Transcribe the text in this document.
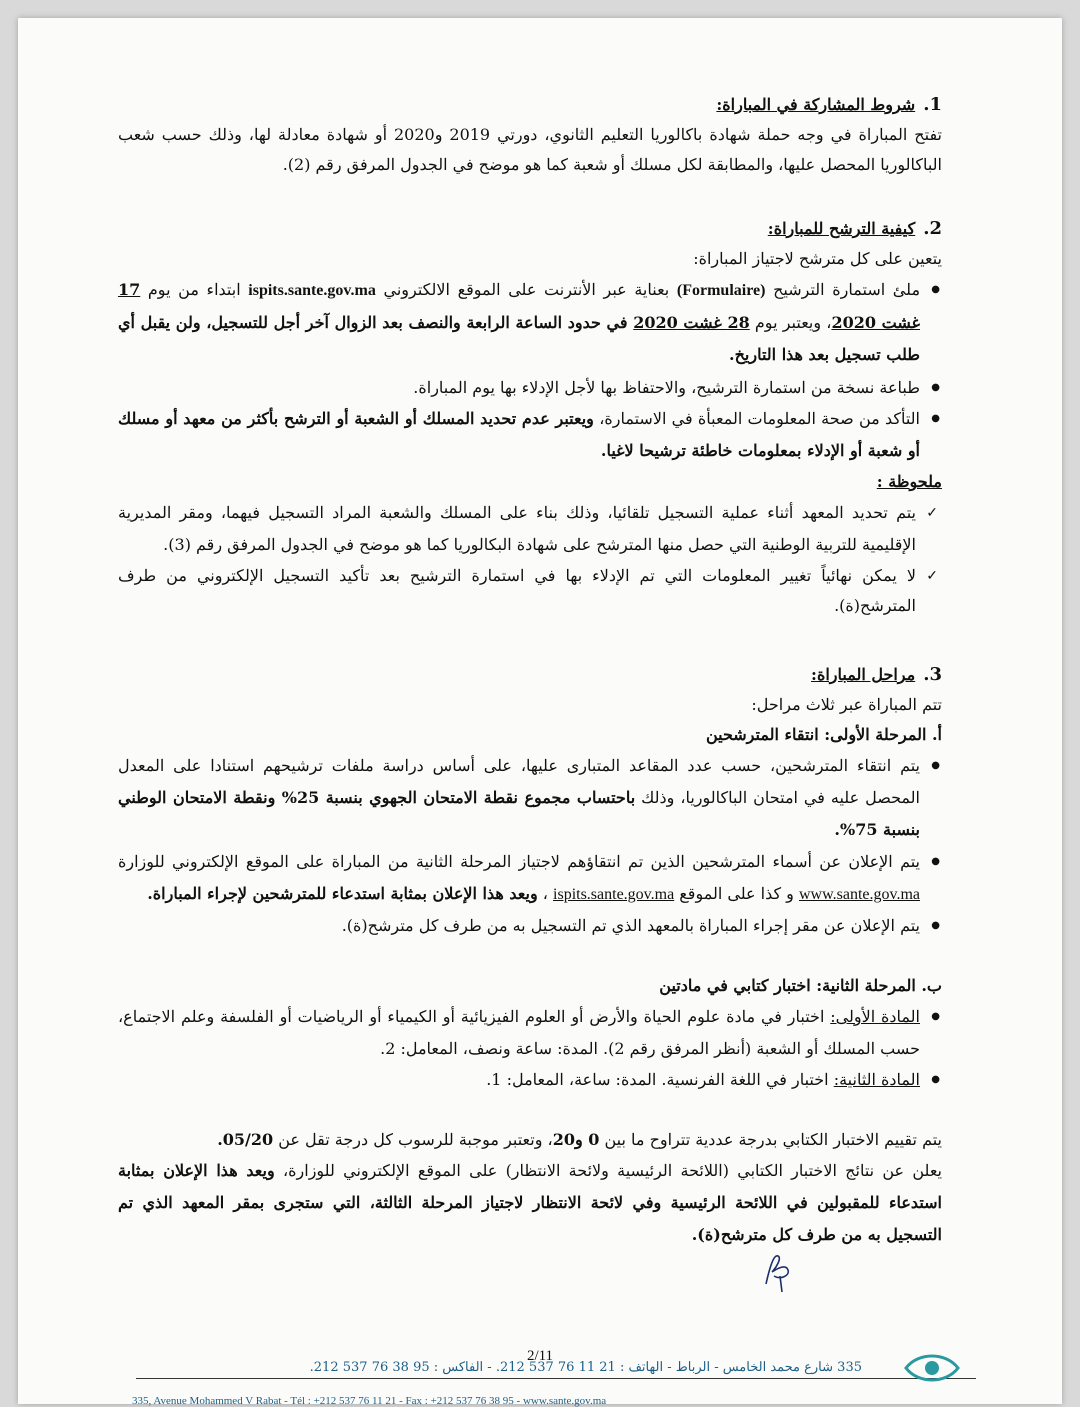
1.شروط المشاركة في المباراة:
تفتح المباراة في وجه حملة شهادة باكالوريا التعليم الثانوي، دورتي 2019 و2020 أو شهادة معادلة لها، وذلك حسب شعب الباكالوريا المحصل عليها، والمطابقة لكل مسلك أو شعبة كما هو موضح في الجدول المرفق رقم (2).
2.كيفية الترشح للمباراة:
يتعين على كل مترشح لاجتياز المباراة:
● ملئ استمارة الترشيح (Formulaire) بعناية عبر الأنترنت على الموقع الالكتروني ispits.sante.gov.ma ابتداء من يوم 17 غشت 2020، ويعتبر يوم 28 غشت 2020 في حدود الساعة الرابعة والنصف بعد الزوال آخر أجل للتسجيل، ولن يقبل أي طلب تسجيل بعد هذا التاريخ.
● طباعة نسخة من استمارة الترشيح، والاحتفاظ بها لأجل الإدلاء بها يوم المباراة.
● التأكد من صحة المعلومات المعبأة في الاستمارة، ويعتبر عدم تحديد المسلك أو الشعبة أو الترشح بأكثر من معهد أو مسلك أو شعبة أو الإدلاء بمعلومات خاطئة ترشيحا لاغيا.
ملحوظة :
✓ يتم تحديد المعهد أثناء عملية التسجيل تلقائيا، وذلك بناء على المسلك والشعبة المراد التسجيل فيهما، ومقر المديرية الإقليمية للتربية الوطنية التي حصل منها المترشح على شهادة البكالوريا كما هو موضح في الجدول المرفق رقم (3).
✓ لا يمكن نهائياً تغيير المعلومات التي تم الإدلاء بها في استمارة الترشيح بعد تأكيد التسجيل الإلكتروني من طرف المترشح(ة).
3.مراحل المباراة:
تتم المباراة عبر ثلاث مراحل:
أ. المرحلة الأولى: انتقاء المترشحين
● يتم انتقاء المترشحين، حسب عدد المقاعد المتبارى عليها، على أساس دراسة ملفات ترشيحهم استنادا على المعدل المحصل عليه في امتحان الباكالوريا، وذلك باحتساب مجموع نقطة الامتحان الجهوي بنسبة 25% ونقطة الامتحان الوطني بنسبة 75%.
● يتم الإعلان عن أسماء المترشحين الذين تم انتقاؤهم لاجتياز المرحلة الثانية من المباراة على الموقع الإلكتروني للوزارة www.sante.gov.ma و كذا على الموقع ispits.sante.gov.ma ، ويعد هذا الإعلان بمثابة استدعاء للمترشحين لإجراء المباراة.
● يتم الإعلان عن مقر إجراء المباراة بالمعهد الذي تم التسجيل به من طرف كل مترشح(ة).
ب. المرحلة الثانية: اختبار كتابي في مادتين
● المادة الأولى: اختبار في مادة علوم الحياة والأرض أو العلوم الفيزيائية أو الكيمياء أو الرياضيات أو الفلسفة وعلم الاجتماع، حسب المسلك أو الشعبة (أنظر المرفق رقم 2). المدة: ساعة ونصف، المعامل: 2.
● المادة الثانية: اختبار في اللغة الفرنسية. المدة: ساعة، المعامل: 1.
يتم تقييم الاختبار الكتابي بدرجة عددية تتراوح ما بين 0 و20، وتعتبر موجبة للرسوب كل درجة تقل عن 05/20.
يعلن عن نتائج الاختبار الكتابي (اللائحة الرئيسية ولائحة الانتظار) على الموقع الإلكتروني للوزارة، ويعد هذا الإعلان بمثابة استدعاء للمقبولين في اللائحة الرئيسية وفي لائحة الانتظار لاجتياز المرحلة الثالثة، التي ستجرى بمقر المعهد الذي تم التسجيل به من طرف كل مترشح(ة).
2/11
335 شارع محمد الخامس - الرباط - الهاتف : 21 11 76 537 212. - الفاكس : 95 38 76 537 212.
335, Avenue Mohammed V Rabat - Tél : +212 537 76 11 21 - Fax : +212 537 76 38 95 - www.sante.gov.ma
